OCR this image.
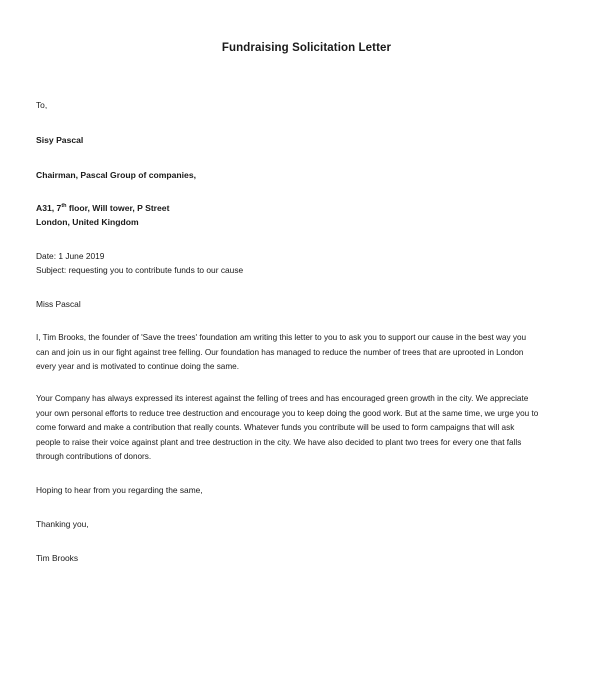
Fundraising Solicitation Letter
To,
Sisy Pascal
Chairman, Pascal Group of companies,
A31, 7th floor, Will tower, P Street
London, United Kingdom
Date: 1 June 2019
Subject: requesting you to contribute funds to our cause
Miss Pascal
I, Tim Brooks, the founder of 'Save the trees' foundation am writing this letter to you to ask you to support our cause in the best way you
can and join us in our fight against tree felling. Our foundation has managed to reduce the number of trees that are uprooted in London
every year and is motivated to continue doing the same.
Your Company has always expressed its interest against the felling of trees and has encouraged green growth in the city. We appreciate
your own personal efforts to reduce tree destruction and encourage you to keep doing the good work. But at the same time, we urge you to
come forward and make a contribution that really counts. Whatever funds you contribute will be used to form campaigns that will ask
people to raise their voice against plant and tree destruction in the city. We have also decided to plant two trees for every one that falls
through contributions of donors.
Hoping to hear from you regarding the same,
Thanking you,
Tim Brooks
